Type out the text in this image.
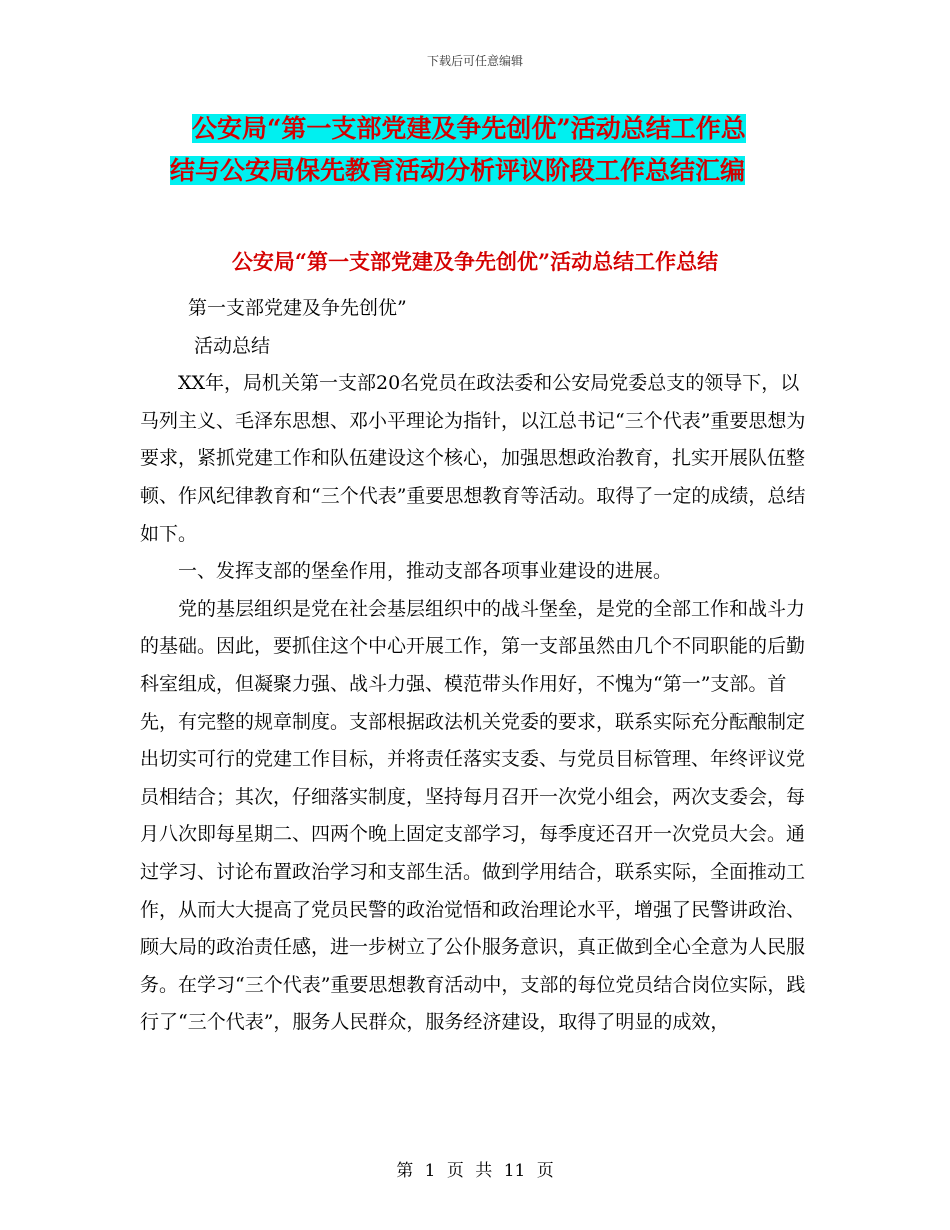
下载后可任意编辑
公安局“第一支部党建及争先创优”活动总结工作总
结与公安局保先教育活动分析评议阶段工作总结汇编
公安局“第一支部党建及争先创优”活动总结工作总结

第一支部党建及争先创优”

活动总结

XX年，局机关第一支部20名党员在政法委和公安局党委总支的领导下，以马列主义、毛泽东思想、邓小平理论为指针，以江总书记“三个代表”重要思想为要求，紧抓党建工作和队伍建设这个核心，加强思想政治教育，扎实开展队伍整顿、作风纪律教育和“三个代表”重要思想教育等活动。取得了一定的成绩，总结如下。

一、发挥支部的堡垒作用，推动支部各项事业建设的进展。

党的基层组织是党在社会基层组织中的战斗堡垒，是党的全部工作和战斗力的基础。因此，要抓住这个中心开展工作，第一支部虽然由几个不同职能的后勤科室组成，但凝聚力强、战斗力强、模范带头作用好，不愧为“第一”支部。首先，有完整的规章制度。支部根据政法机关党委的要求，联系实际充分酝酿制定出切实可行的党建工作目标，并将责任落实支委、与党员目标管理、年终评议党员相结合；其次，仔细落实制度，坚持每月召开一次党小组会，两次支委会，每月八次即每星期二、四两个晚上固定支部学习，每季度还召开一次党员大会。通过学习、讨论布置政治学习和支部生活。做到学用结合，联系实际，全面推动工作，从而大大提高了党员民警的政治觉悟和政治理论水平，增强了民警讲政治、顾大局的政治责任感，进一步树立了公仆服务意识，真正做到全心全意为人民服务。在学习“三个代表”重要思想教育活动中，支部的每位党员结合岗位实际，践行了“三个代表”，服务人民群众，服务经济建设，取得了明显的成效，

第 1 页 共 11 页
